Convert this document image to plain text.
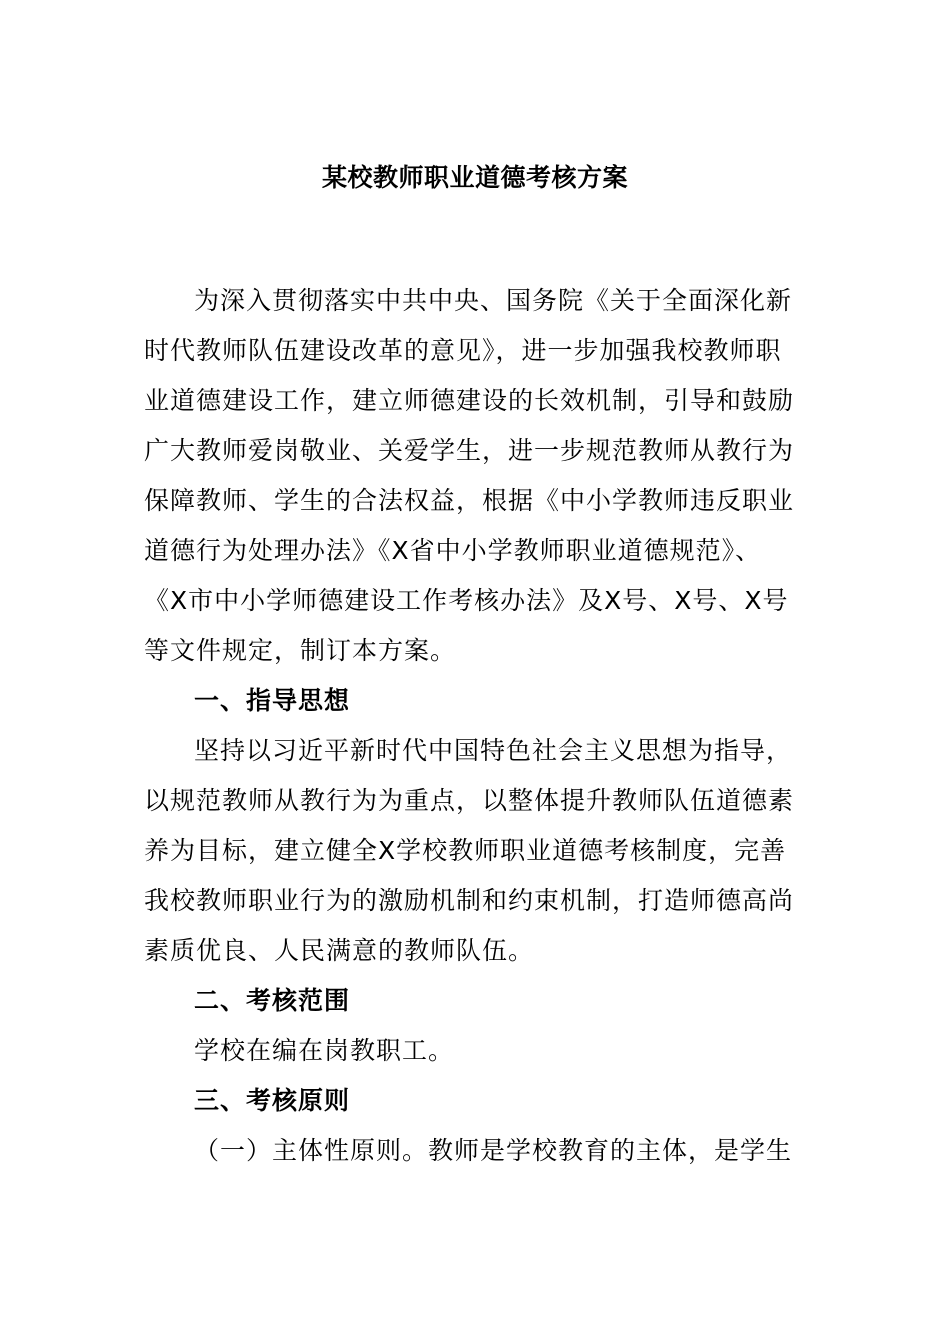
某校教师职业道德考核方案
为深入贯彻落实中共中央、国务院《关于全面深化新
时代教师队伍建设改革的意见》，进一步加强我校教师职
业道德建设工作，建立师德建设的长效机制，引导和鼓励
广大教师爱岗敬业、关爱学生，进一步规范教师从教行为
保障教师、学生的合法权益，根据《中小学教师违反职业
道德行为处理办法》《X省中小学教师职业道德规范》、
《X市中小学师德建设工作考核办法》及X号、X号、X号
等文件规定，制订本方案。
一、指导思想
坚持以习近平新时代中国特色社会主义思想为指导，
以规范教师从教行为为重点，以整体提升教师队伍道德素
养为目标，建立健全X学校教师职业道德考核制度，完善
我校教师职业行为的激励机制和约束机制，打造师德高尚
素质优良、人民满意的教师队伍。
二、考核范围
学校在编在岗教职工。
三、考核原则
（一）主体性原则。教师是学校教育的主体，是学生
